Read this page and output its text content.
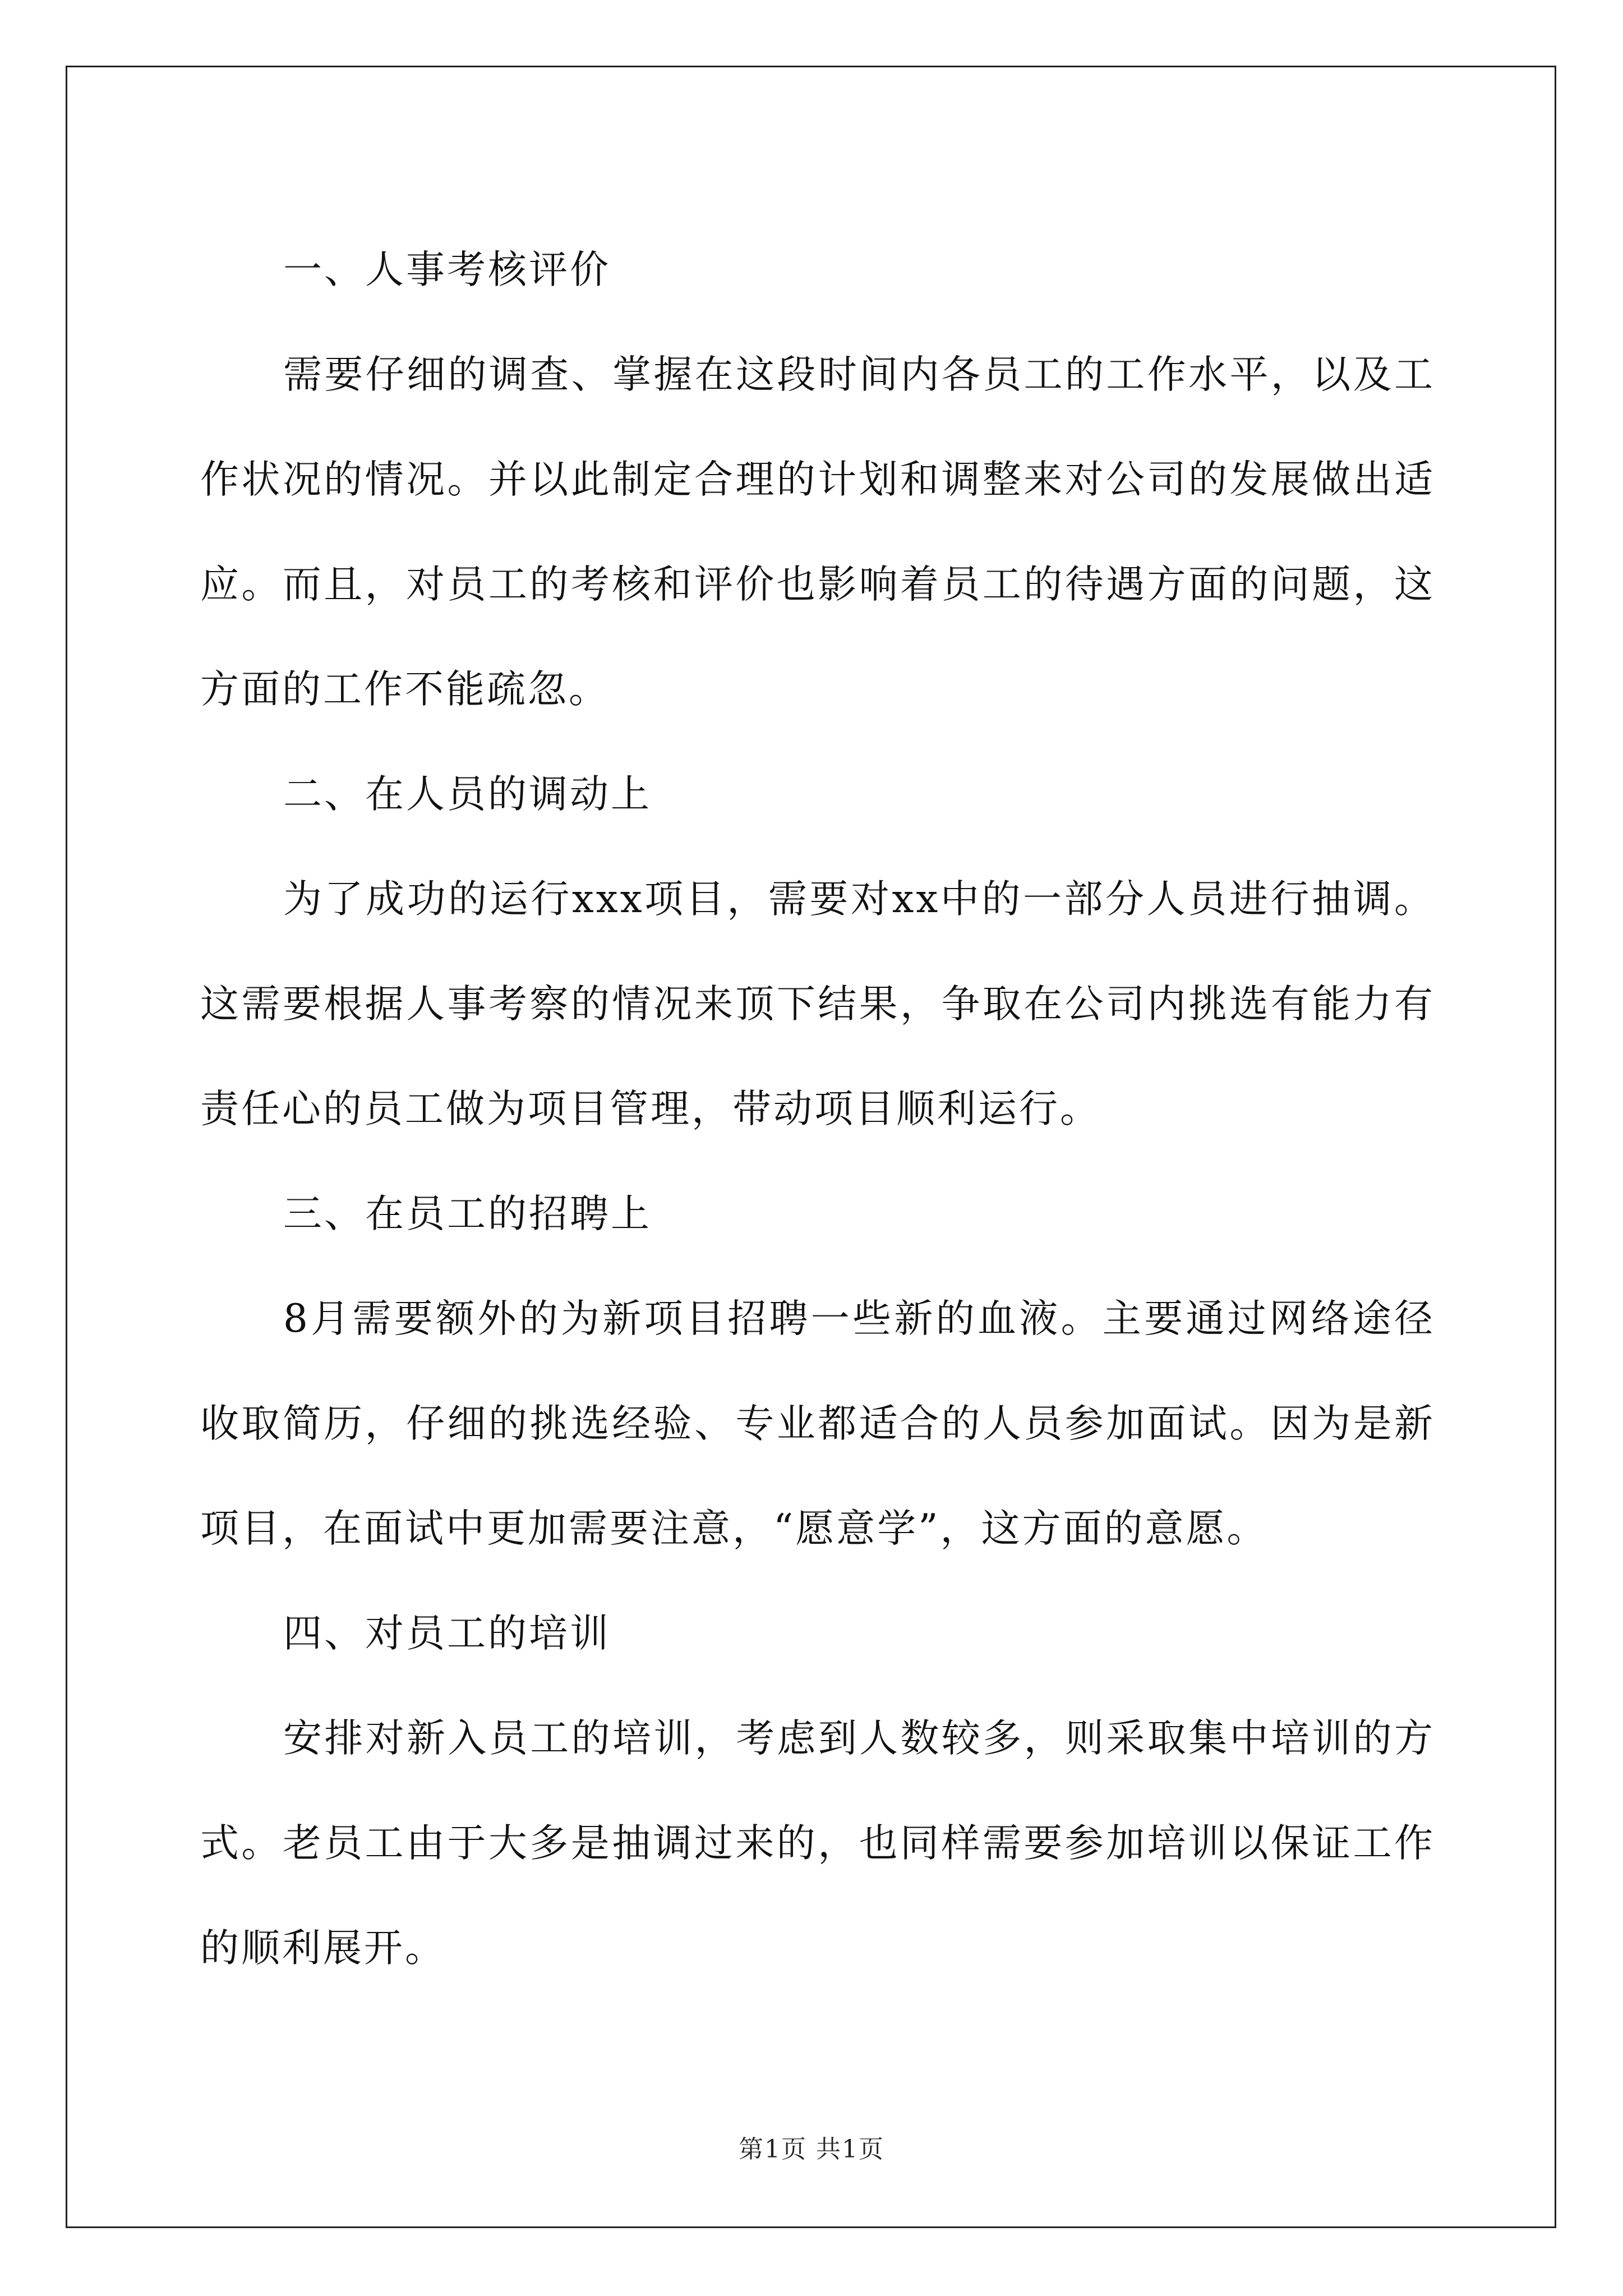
一、人事考核评价

需要仔细的调查、掌握在这段时间内各员工的工作水平，以及工作状况的情况。并以此制定合理的计划和调整来对公司的发展做出适应。而且，对员工的考核和评价也影响着员工的待遇方面的问题，这方面的工作不能疏忽。

二、在人员的调动上

为了成功的运行xxx项目，需要对xx中的一部分人员进行抽调。这需要根据人事考察的情况来顶下结果，争取在公司内挑选有能力有责任心的员工做为项目管理，带动项目顺利运行。

三、在员工的招聘上

8月需要额外的为新项目招聘一些新的血液。主要通过网络途径收取简历，仔细的挑选经验、专业都适合的人员参加面试。因为是新项目，在面试中更加需要注意，“愿意学”，这方面的意愿。

四、对员工的培训

安排对新入员工的培训，考虑到人数较多，则采取集中培训的方式。老员工由于大多是抽调过来的，也同样需要参加培训以保证工作的顺利展开。

第1页 共1页
